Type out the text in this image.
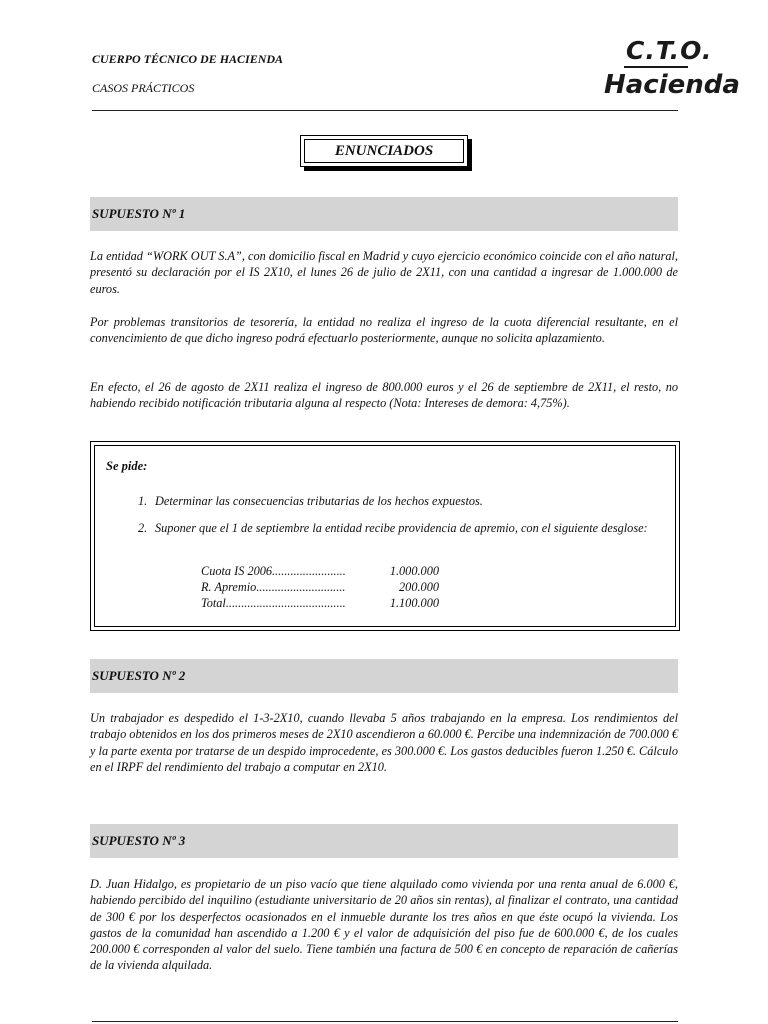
CUERPO TÉCNICO DE HACIENDA
CASOS PRÁCTICOS
C.T.O.
Hacienda
ENUNCIADOS
SUPUESTO Nº 1

La entidad “WORK OUT S.A”, con domicilio fiscal en Madrid y cuyo ejercicio económico coincide con el año natural, presentó su declaración por el IS 2X10, el lunes 26 de julio de 2X11, con una cantidad a ingresar de 1.000.000 de euros.

Por problemas transitorios de tesorería, la entidad no realiza el ingreso de la cuota diferencial resultante, en el convencimiento de que dicho ingreso podrá efectuarlo posteriormente, aunque no solicita aplazamiento.

En efecto, el 26 de agosto de 2X11 realiza el ingreso de 800.000 euros y el 26 de septiembre de 2X11, el resto, no habiendo recibido notificación tributaria alguna al respecto (Nota: Intereses de demora: 4,75%).

Se pide:
1. Determinar las consecuencias tributarias de los hechos expuestos.
2. Suponer que el 1 de septiembre la entidad recibe providencia de apremio, con el siguiente desglose:
Cuota IS 2006........................	1.000.000
R. Apremio.............................	200.000
Total.......................................	1.100.000
SUPUESTO Nº 2

Un trabajador es despedido el 1-3-2X10, cuando llevaba 5 años trabajando en la empresa. Los rendimientos del trabajo obtenidos en los dos primeros meses de 2X10 ascendieron a 60.000 €. Percibe una indemnización de 700.000 € y la parte exenta por tratarse de un despido improcedente, es 300.000 €. Los gastos deducibles fueron 1.250 €. Cálculo en el IRPF del rendimiento del trabajo a computar en 2X10.

SUPUESTO Nº 3

D. Juan Hidalgo, es propietario de un piso vacío que tiene alquilado como vivienda por una renta anual de 6.000 €, habiendo percibido del inquilino (estudiante universitario de 20 años sin rentas), al finalizar el contrato, una cantidad de 300 € por los desperfectos ocasionados en el inmueble durante los tres años en que éste ocupó la vivienda. Los gastos de la comunidad han ascendido a 1.200 € y el valor de adquisición del piso fue de 600.000 €, de los cuales 200.000 € corresponden al valor del suelo. Tiene también una factura de 500 € en concepto de reparación de cañerías de la vivienda alquilada.
